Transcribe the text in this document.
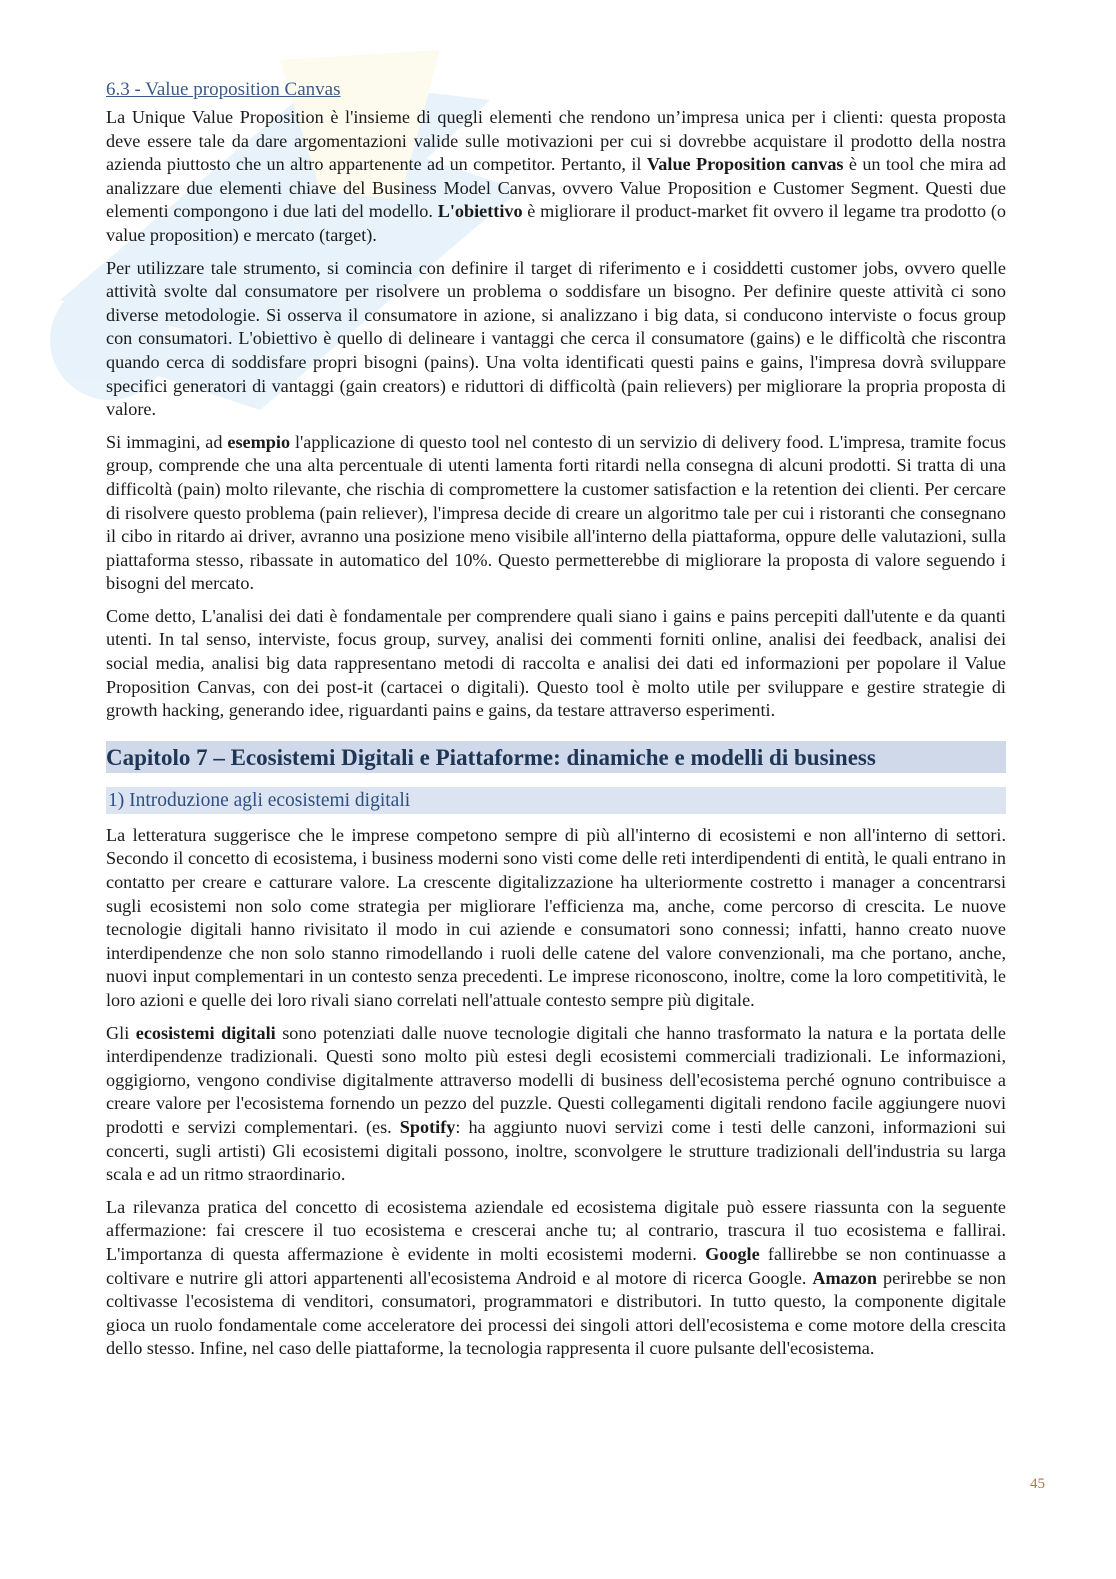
6.3 - Value proposition Canvas

La Unique Value Proposition è l'insieme di quegli elementi che rendono un’impresa unica per i clienti: questa proposta deve essere tale da dare argomentazioni valide sulle motivazioni per cui si dovrebbe acquistare il prodotto della nostra azienda piuttosto che un altro appartenente ad un competitor. Pertanto, il Value Proposition canvas è un tool che mira ad analizzare due elementi chiave del Business Model Canvas, ovvero Value Proposition e Customer Segment. Questi due elementi compongono i due lati del modello. L'obiettivo è migliorare il product-market fit ovvero il legame tra prodotto (o value proposition) e mercato (target).

Per utilizzare tale strumento, si comincia con definire il target di riferimento e i cosiddetti customer jobs, ovvero quelle attività svolte dal consumatore per risolvere un problema o soddisfare un bisogno. Per definire queste attività ci sono diverse metodologie. Si osserva il consumatore in azione, si analizzano i big data, si conducono interviste o focus group con consumatori. L'obiettivo è quello di delineare i vantaggi che cerca il consumatore (gains) e le difficoltà che riscontra quando cerca di soddisfare propri bisogni (pains). Una volta identificati questi pains e gains, l'impresa dovrà sviluppare specifici generatori di vantaggi (gain creators) e riduttori di difficoltà (pain relievers) per migliorare la propria proposta di valore.

Si immagini, ad esempio l'applicazione di questo tool nel contesto di un servizio di delivery food. L'impresa, tramite focus group, comprende che una alta percentuale di utenti lamenta forti ritardi nella consegna di alcuni prodotti. Si tratta di una difficoltà (pain) molto rilevante, che rischia di compromettere la customer satisfaction e la retention dei clienti. Per cercare di risolvere questo problema (pain reliever), l'impresa decide di creare un algoritmo tale per cui i ristoranti che consegnano il cibo in ritardo ai driver, avranno una posizione meno visibile all'interno della piattaforma, oppure delle valutazioni, sulla piattaforma stesso, ribassate in automatico del 10%. Questo permetterebbe di migliorare la proposta di valore seguendo i bisogni del mercato.

Come detto, L'analisi dei dati è fondamentale per comprendere quali siano i gains e pains percepiti dall'utente e da quanti utenti. In tal senso, interviste, focus group, survey, analisi dei commenti forniti online, analisi dei feedback, analisi dei social media, analisi big data rappresentano metodi di raccolta e analisi dei dati ed informazioni per popolare il Value Proposition Canvas, con dei post-it (cartacei o digitali). Questo tool è molto utile per sviluppare e gestire strategie di growth hacking, generando idee, riguardanti pains e gains, da testare attraverso esperimenti.

Capitolo 7 – Ecosistemi Digitali e Piattaforme: dinamiche e modelli di business
1) Introduzione agli ecosistemi digitali

La letteratura suggerisce che le imprese competono sempre di più all'interno di ecosistemi e non all'interno di settori. Secondo il concetto di ecosistema, i business moderni sono visti come delle reti interdipendenti di entità, le quali entrano in contatto per creare e catturare valore. La crescente digitalizzazione ha ulteriormente costretto i manager a concentrarsi sugli ecosistemi non solo come strategia per migliorare l'efficienza ma, anche, come percorso di crescita. Le nuove tecnologie digitali hanno rivisitato il modo in cui aziende e consumatori sono connessi; infatti, hanno creato nuove interdipendenze che non solo stanno rimodellando i ruoli delle catene del valore convenzionali, ma che portano, anche, nuovi input complementari in un contesto senza precedenti. Le imprese riconoscono, inoltre, come la loro competitività, le loro azioni e quelle dei loro rivali siano correlati nell'attuale contesto sempre più digitale.

Gli ecosistemi digitali sono potenziati dalle nuove tecnologie digitali che hanno trasformato la natura e la portata delle interdipendenze tradizionali. Questi sono molto più estesi degli ecosistemi commerciali tradizionali. Le informazioni, oggigiorno, vengono condivise digitalmente attraverso modelli di business dell'ecosistema perché ognuno contribuisce a creare valore per l'ecosistema fornendo un pezzo del puzzle. Questi collegamenti digitali rendono facile aggiungere nuovi prodotti e servizi complementari. (es. Spotify: ha aggiunto nuovi servizi come i testi delle canzoni, informazioni sui concerti, sugli artisti) Gli ecosistemi digitali possono, inoltre, sconvolgere le strutture tradizionali dell'industria su larga scala e ad un ritmo straordinario.

La rilevanza pratica del concetto di ecosistema aziendale ed ecosistema digitale può essere riassunta con la seguente affermazione: fai crescere il tuo ecosistema e crescerai anche tu; al contrario, trascura il tuo ecosistema e fallirai. L'importanza di questa affermazione è evidente in molti ecosistemi moderni. Google fallirebbe se non continuasse a coltivare e nutrire gli attori appartenenti all'ecosistema Android e al motore di ricerca Google. Amazon perirebbe se non coltivasse l'ecosistema di venditori, consumatori, programmatori e distributori. In tutto questo, la componente digitale gioca un ruolo fondamentale come acceleratore dei processi dei singoli attori dell'ecosistema e come motore della crescita dello stesso. Infine, nel caso delle piattaforme, la tecnologia rappresenta il cuore pulsante dell'ecosistema.

45
